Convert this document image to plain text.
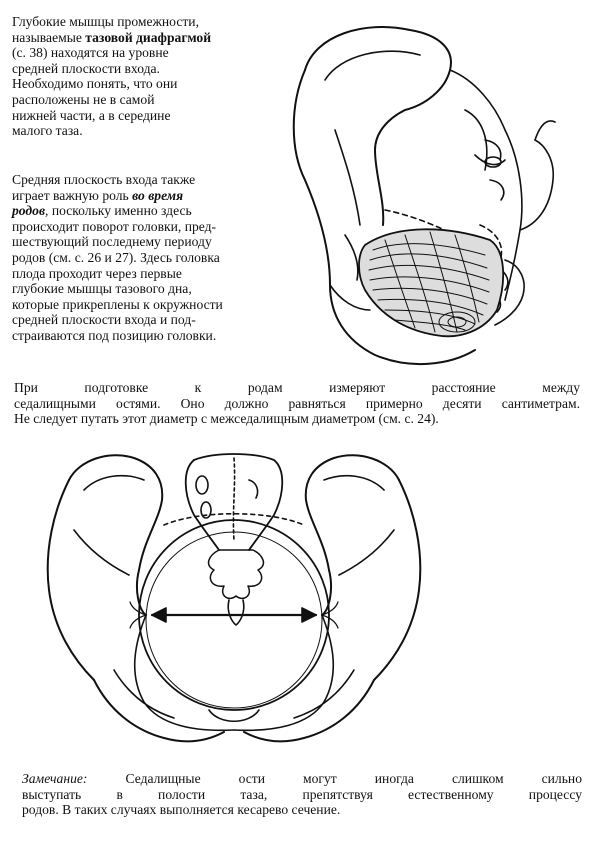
Глубокие мышцы промежности,
называемые тазовой диафрагмой
(с. 38) находятся на уровне
средней плоскости входа.
Необходимо понять, что они
расположены не в самой
нижней части, а в середине
малого таза.

Средняя плоскость входа также
играет важную роль во время
родов, поскольку именно здесь
происходит поворот головки, пред-
шествующий последнему периоду
родов (см. с. 26 и 27). Здесь головка
плода проходит через первые
глубокие мышцы тазового дна,
которые прикреплены к окружности
средней плоскости входа и под-
страиваются под позицию головки.

При подготовке к родам измеряют расстояние между
седалищными остями. Оно должно равняться примерно десяти сантиметрам.
Не следует путать этот диаметр с межседалищным диаметром (см. с. 24).

Замечание: Седалищные ости могут иногда слишком сильно
выступать в полости таза, препятствуя естественному процессу
родов. В таких случаях выполняется кесарево сечение.
